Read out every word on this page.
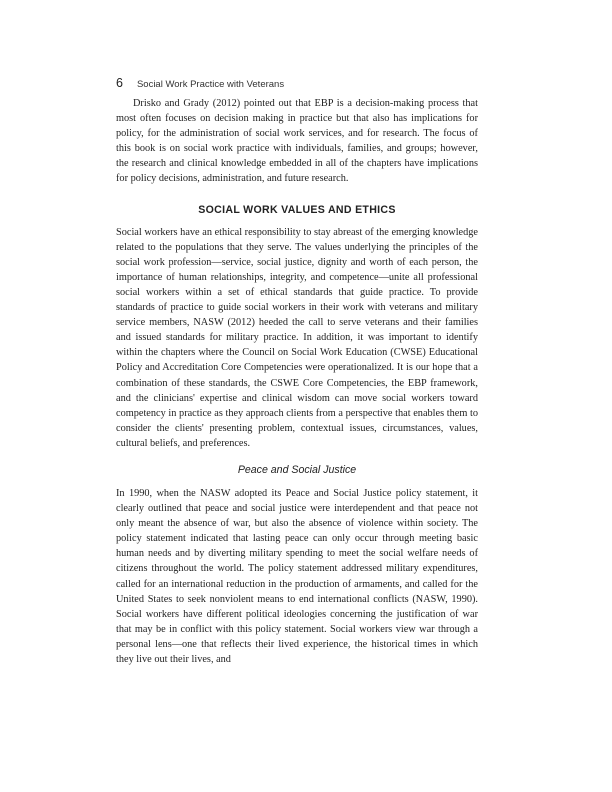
6 Social Work Practice with Veterans

Drisko and Grady (2012) pointed out that EBP is a decision-making process that most often focuses on decision making in practice but that also has implications for policy, for the administration of social work services, and for research. The focus of this book is on social work practice with individuals, families, and groups; however, the research and clinical knowledge embedded in all of the chapters have implications for policy decisions, administration, and future research.

SOCIAL WORK VALUES AND ETHICS

Social workers have an ethical responsibility to stay abreast of the emerging knowledge related to the populations that they serve. The values underlying the principles of the social work profession—service, social justice, dignity and worth of each person, the importance of human relationships, integrity, and competence—unite all professional social workers within a set of ethical standards that guide practice. To provide standards of practice to guide social workers in their work with veterans and military service members, NASW (2012) heeded the call to serve veterans and their families and issued standards for military practice. In addition, it was important to identify within the chapters where the Council on Social Work Education (CWSE) Educational Policy and Accreditation Core Competencies were operationalized. It is our hope that a combination of these standards, the CSWE Core Competencies, the EBP framework, and the clinicians' expertise and clinical wisdom can move social workers toward competency in practice as they approach clients from a perspective that enables them to consider the clients' presenting problem, contextual issues, circumstances, values, cultural beliefs, and preferences.

Peace and Social Justice

In 1990, when the NASW adopted its Peace and Social Justice policy statement, it clearly outlined that peace and social justice were interdependent and that peace not only meant the absence of war, but also the absence of violence within society. The policy statement indicated that lasting peace can only occur through meeting basic human needs and by diverting military spending to meet the social welfare needs of citizens throughout the world. The policy statement addressed military expenditures, called for an international reduction in the production of armaments, and called for the United States to seek nonviolent means to end international conflicts (NASW, 1990). Social workers have different political ideologies concerning the justification of war that may be in conflict with this policy statement. Social workers view war through a personal lens—one that reflects their lived experience, the historical times in which they live out their lives, and
